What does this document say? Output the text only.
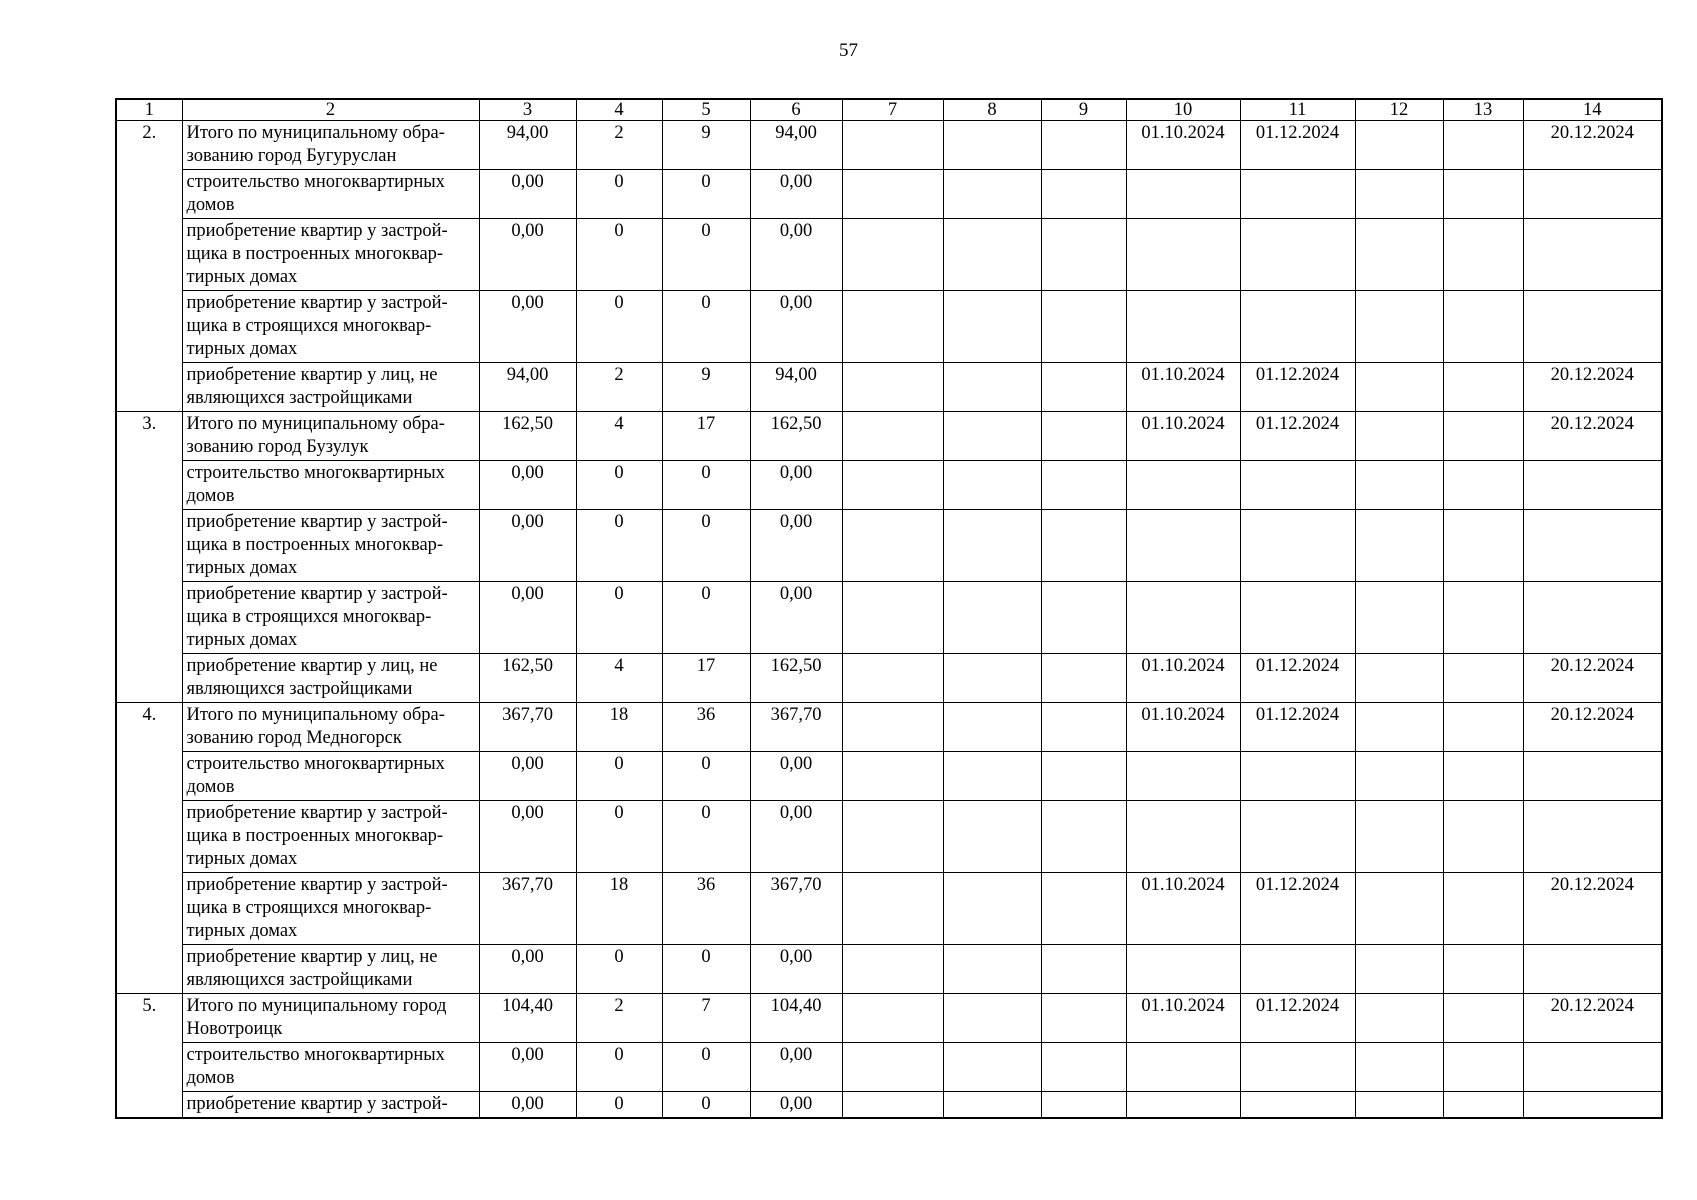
57
1	2	3	4	5	6	7	8	9	10	11	12	13	14
2.	Итого по муниципальному обра-зованию город Бугуруслан	94,00	2	9	94,00				01.10.2024	01.12.2024			20.12.2024
	строительство многоквартирных домов	0,00	0	0	0,00								
	приобретение квартир у застрой-щика в построенных многоквар-тирных домах	0,00	0	0	0,00								
	приобретение квартир у застрой-щика в строящихся многоквар-тирных домах	0,00	0	0	0,00								
	приобретение квартир у лиц, не являющихся застройщиками	94,00	2	9	94,00				01.10.2024	01.12.2024			20.12.2024
3.	Итого по муниципальному обра-зованию город Бузулук	162,50	4	17	162,50				01.10.2024	01.12.2024			20.12.2024
	строительство многоквартирных домов	0,00	0	0	0,00								
	приобретение квартир у застрой-щика в построенных многоквар-тирных домах	0,00	0	0	0,00								
	приобретение квартир у застрой-щика в строящихся многоквар-тирных домах	0,00	0	0	0,00								
	приобретение квартир у лиц, не являющихся застройщиками	162,50	4	17	162,50				01.10.2024	01.12.2024			20.12.2024
4.	Итого по муниципальному обра-зованию город Медногорск	367,70	18	36	367,70				01.10.2024	01.12.2024			20.12.2024
	строительство многоквартирных домов	0,00	0	0	0,00								
	приобретение квартир у застрой-щика в построенных многоквар-тирных домах	0,00	0	0	0,00								
	приобретение квартир у застрой-щика в строящихся многоквар-тирных домах	367,70	18	36	367,70				01.10.2024	01.12.2024			20.12.2024
	приобретение квартир у лиц, не являющихся застройщиками	0,00	0	0	0,00								
5.	Итого по муниципальному город Новотроицк	104,40	2	7	104,40				01.10.2024	01.12.2024			20.12.2024
	строительство многоквартирных домов	0,00	0	0	0,00								
	приобретение квартир у застрой-	0,00	0	0	0,00								
